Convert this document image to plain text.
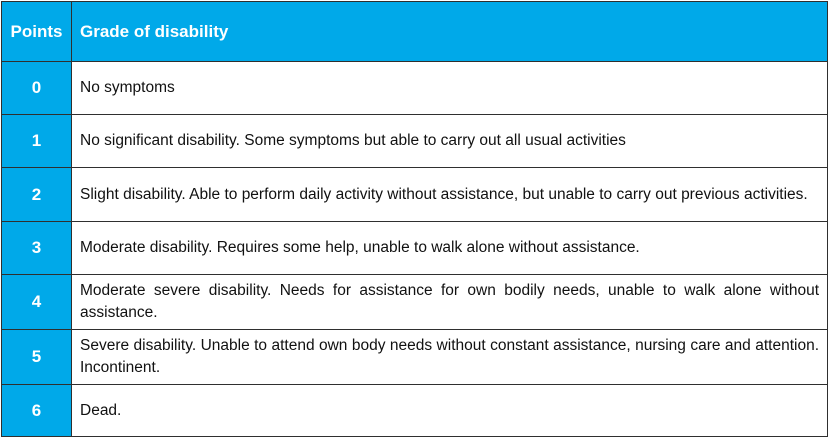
Points	Grade of disability
0	No symptoms
1	No significant disability. Some symptoms but able to carry out all usual activities
2	Slight disability. Able to perform daily activity without assistance, but unable to carry out previous activities.
3	Moderate disability. Requires some help, unable to walk alone without assistance.
4	Moderate severe disability. Needs for assistance for own bodily needs, unable to walk alone without assistance.
5	Severe disability. Unable to attend own body needs without constant assistance, nursing care and attention. Incontinent.
6	Dead.
